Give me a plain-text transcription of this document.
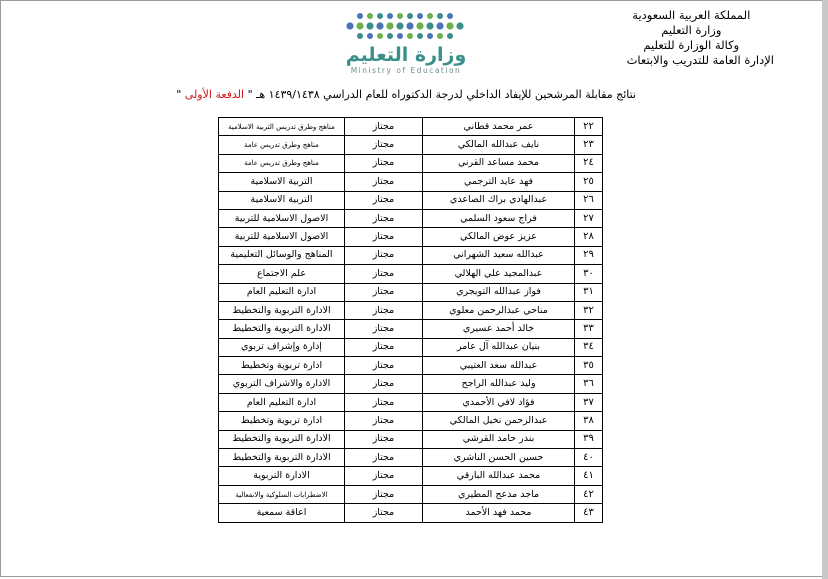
المملكة العربية السعودية
وزارة التعليم
وكالة الوزارة للتعليم
الإدارة العامة للتدريب والابتعاث
وزارة التعليم
Ministry of Education
نتائج مقابلة المرشحين للإيفاد الداخلي لدرجة الدكتوراه للعام الدراسي ١٤٣٩/١٤٣٨ هـ " الدفعة الأولى "
٢٢	عمر محمد قطاني	مجتاز	مناهج وطرق تدريس التربية الاسلامية
٢٣	نايف عبدالله المالكي	مجتاز	مناهج وطرق تدريس عامة
٢٤	محمد مساعد القرني	مجتاز	مناهج وطرق تدريس عامة
٢٥	فهد عايد الترجمي	مجتاز	التربية الاسلامية
٢٦	عبدالهادي براك الصاعدي	مجتاز	التربية الاسلامية
٢٧	فراج سعود السلمي	مجتاز	الاصول الاسلامية للتربية
٢٨	عزيز عوض المالكي	مجتاز	الاصول الاسلامية للتربية
٢٩	عبدالله سعيد الشهراني	مجتاز	المناهج والوسائل التعليمية
٣٠	عبدالمجيد علي الهلالي	مجتاز	علم الاجتماع
٣١	فواز عبدالله التويجري	مجتاز	ادارة التعليم العام
٣٢	مناحي عبدالرحمن معلوي	مجتاز	الادارة التربوية والتخطيط
٣٣	خالد أحمد عسيري	مجتاز	الادارة التربوية والتخطيط
٣٤	بنيان عبدالله آل عامر	مجتاز	إدارة وإشراف تربوي
٣٥	عبدالله سعد العتيبي	مجتاز	ادارة تربوية وتخطيط
٣٦	وليد عبدالله الراجح	مجتاز	الادارة والاشراف التربوي
٣٧	فؤاد لافي الأحمدي	مجتاز	ادارة التعليم العام
٣٨	عبدالرحمن نخيل المالكي	مجتاز	ادارة تربوية وتخطيط
٣٩	بندر حامد القرشي	مجتاز	الادارة التربوية والتخطيط
٤٠	حسين الحسن الناشري	مجتاز	الادارة التربوية والتخطيط
٤١	محمد عبدالله البارقي	مجتاز	الادارة التربوية
٤٢	ماجد مدعج المطيري	مجتاز	الاضطرابات السلوكية والانفعالية
٤٣	محمد فهد الأحمد	مجتاز	اعاقة سمعية
